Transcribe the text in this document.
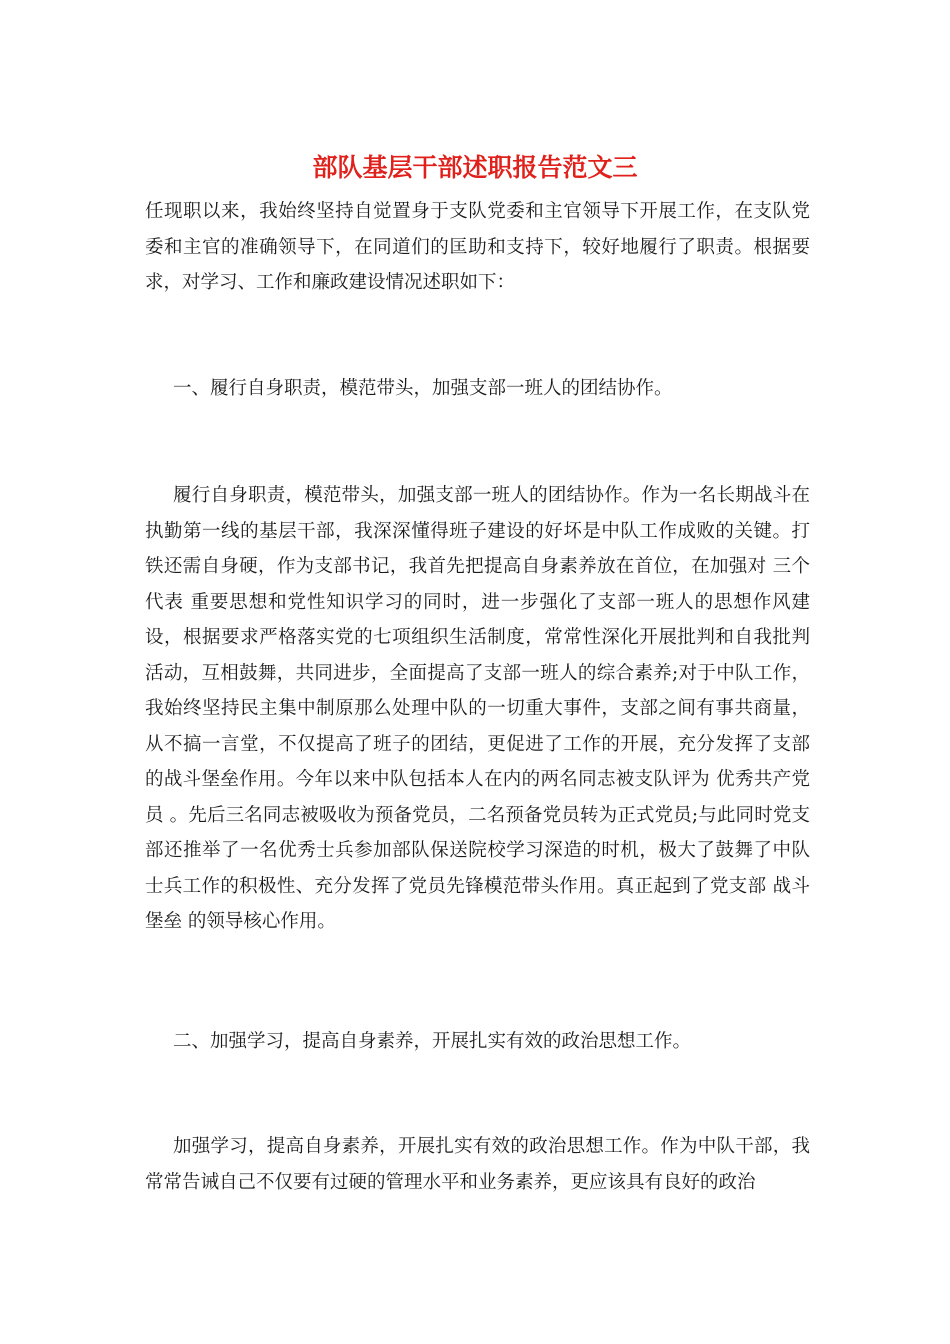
部队基层干部述职报告范文三

任现职以来，我始终坚持自觉置身于支队党委和主官领导下开展工作，在支队党委和主官的准确领导下，在同道们的匡助和支持下，较好地履行了职责。根据要求，对学习、工作和廉政建设情况述职如下：

一、履行自身职责，模范带头，加强支部一班人的团结协作。

履行自身职责，模范带头，加强支部一班人的团结协作。作为一名长期战斗在执勤第一线的基层干部，我深深懂得班子建设的好坏是中队工作成败的关键。打铁还需自身硬，作为支部书记，我首先把提高自身素养放在首位，在加强对 三个代表 重要思想和党性知识学习的同时，进一步强化了支部一班人的思想作风建设，根据要求严格落实党的七项组织生活制度，常常性深化开展批判和自我批判活动，互相鼓舞，共同进步，全面提高了支部一班人的综合素养;对于中队工作，我始终坚持民主集中制原那么处理中队的一切重大事件，支部之间有事共商量，从不搞一言堂，不仅提高了班子的团结，更促进了工作的开展，充分发挥了支部的战斗堡垒作用。今年以来中队包括本人在内的两名同志被支队评为 优秀共产党员 。先后三名同志被吸收为预备党员，二名预备党员转为正式党员;与此同时党支部还推举了一名优秀士兵参加部队保送院校学习深造的时机，极大了鼓舞了中队士兵工作的积极性、充分发挥了党员先锋模范带头作用。真正起到了党支部 战斗堡垒 的领导核心作用。

二、加强学习，提高自身素养，开展扎实有效的政治思想工作。

加强学习，提高自身素养，开展扎实有效的政治思想工作。作为中队干部，我常常告诫自己不仅要有过硬的管理水平和业务素养，更应该具有良好的政治
